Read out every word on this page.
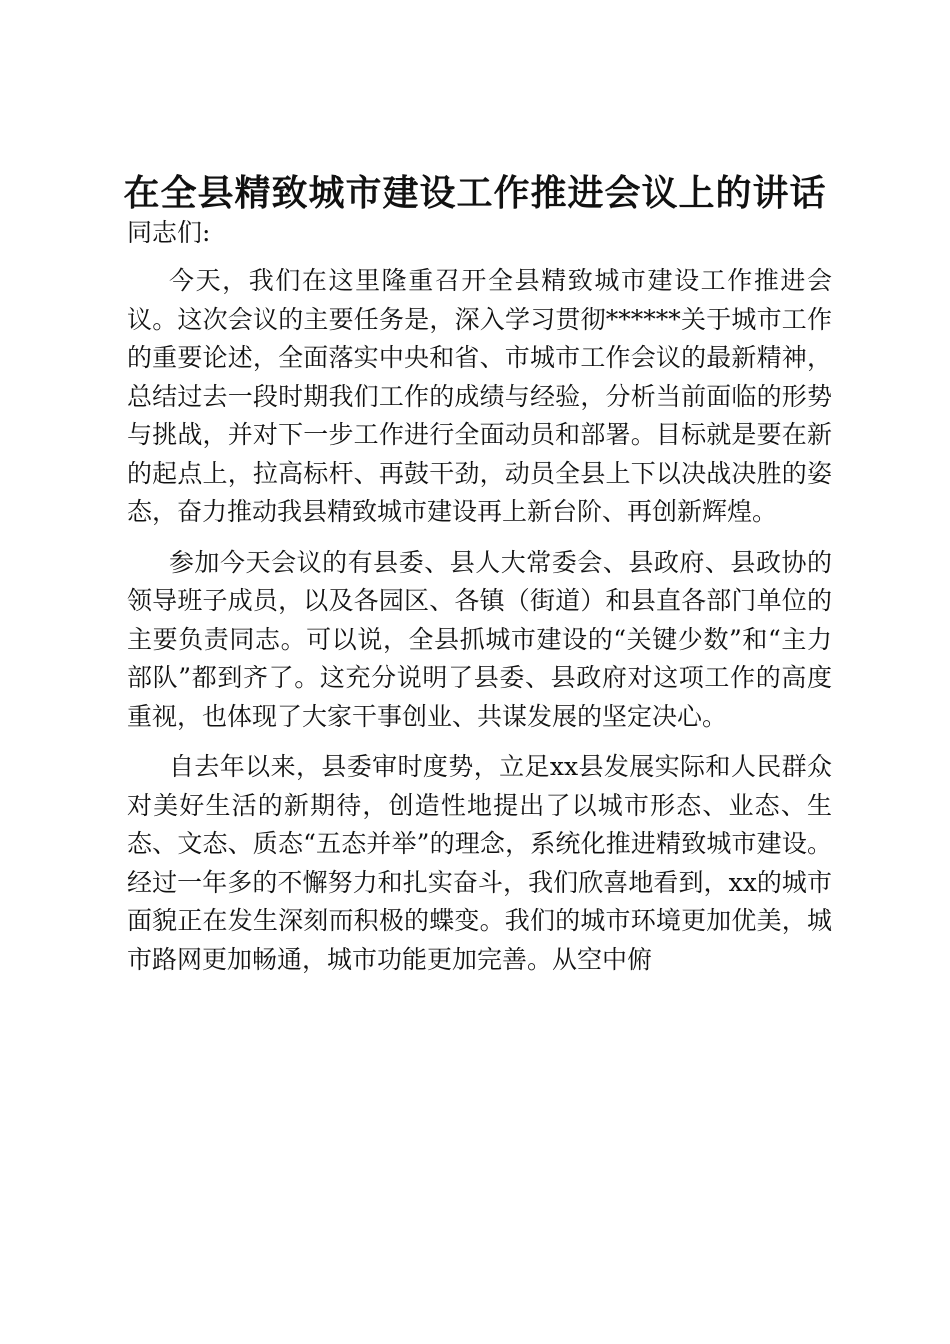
在全县精致城市建设工作推进会议上的讲话

同志们:

今天，我们在这里隆重召开全县精致城市建设工作推进会议。这次会议的主要任务是，深入学习贯彻******关于城市工作的重要论述，全面落实中央和省、市城市工作会议的最新精神，总结过去一段时期我们工作的成绩与经验，分析当前面临的形势与挑战，并对下一步工作进行全面动员和部署。目标就是要在新的起点上，拉高标杆、再鼓干劲，动员全县上下以决战决胜的姿态，奋力推动我县精致城市建设再上新台阶、再创新辉煌。

参加今天会议的有县委、县人大常委会、县政府、县政协的领导班子成员，以及各园区、各镇（街道）和县直各部门单位的主要负责同志。可以说，全县抓城市建设的“关键少数”和“主力部队”都到齐了。这充分说明了县委、县政府对这项工作的高度重视，也体现了大家干事创业、共谋发展的坚定决心。

自去年以来，县委审时度势，立足xx县发展实际和人民群众对美好生活的新期待，创造性地提出了以城市形态、业态、生态、文态、质态“五态并举”的理念，系统化推进精致城市建设。经过一年多的不懈努力和扎实奋斗，我们欣喜地看到，xx的城市面貌正在发生深刻而积极的蝶变。我们的城市环境更加优美，城市路网更加畅通，城市功能更加完善。从空中俯
